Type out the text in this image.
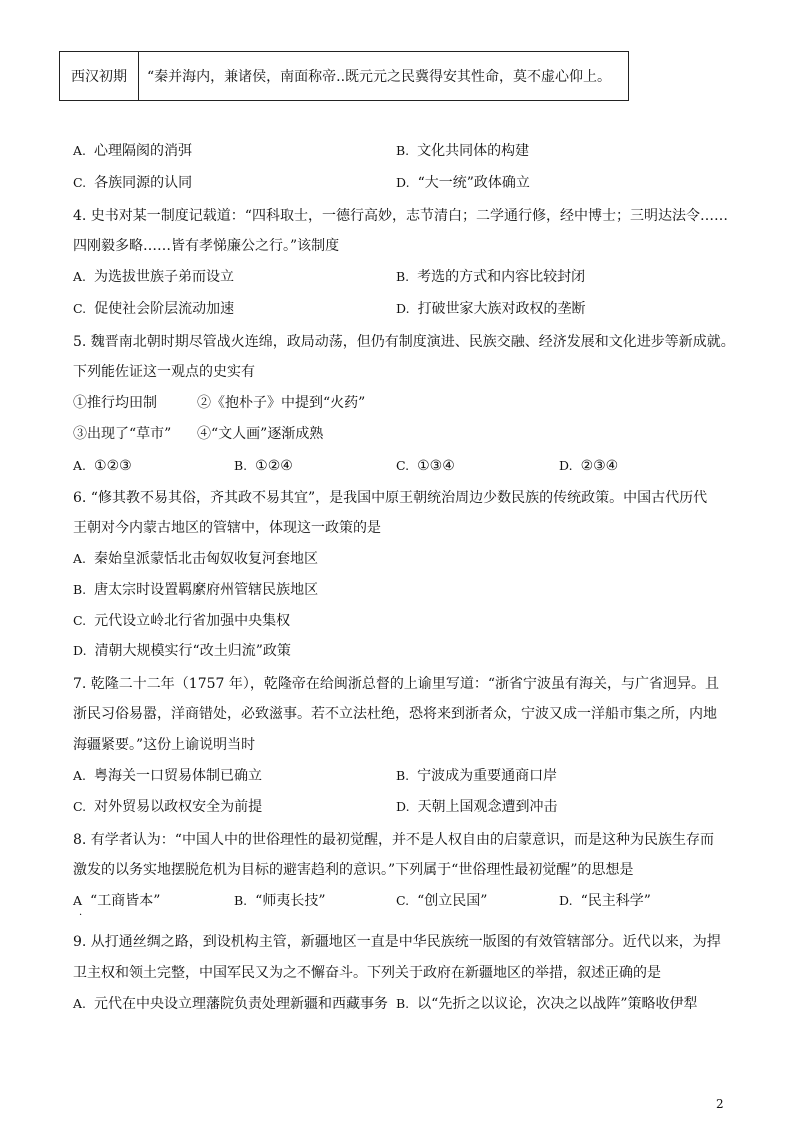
西汉初期	“秦并海内，兼诸侯，南面称帝..既元元之民冀得安其性命，莫不虚心仰上。
A. 心理隔阂的消弭	B. 文化共同体的构建
C. 各族同源的认同	D. “大一统”政体确立
4. 史书对某一制度记载道：“四科取士，一德行高妙，志节清白；二学通行修，经中博士；三明达法令……
四刚毅多略……皆有孝悌廉公之行。”该制度
A. 为选拔世族子弟而设立	B. 考选的方式和内容比较封闭
C. 促使社会阶层流动加速	D. 打破世家大族对政权的垄断
5. 魏晋南北朝时期尽管战火连绵，政局动荡，但仍有制度演进、民族交融、经济发展和文化进步等新成就。
下列能佐证这一观点的史实有
①推行均田制	②《抱朴子》中提到“火药”
③出现了“草市” ④“文人画”逐渐成熟
A. ①②③	B. ①②④	C. ①③④	D. ②③④
6. “修其教不易其俗，齐其政不易其宜”，是我国中原王朝统治周边少数民族的传统政策。中国古代历代
王朝对今内蒙古地区的管辖中，体现这一政策的是
A. 秦始皇派蒙恬北击匈奴收复河套地区
B. 唐太宗时设置羁縻府州管辖民族地区
C. 元代设立岭北行省加强中央集权
D. 清朝大规模实行“改土归流”政策
7. 乾隆二十二年（1757 年），乾隆帝在给闽浙总督的上谕里写道：“浙省宁波虽有海关，与广省迥异。且
浙民习俗易嚣，洋商错处，必致滋事。若不立法杜绝，恐将来到浙者众，宁波又成一洋船市集之所，内地
海疆紧要。”这份上谕说明当时
A. 粤海关一口贸易体制已确立	B. 宁波成为重要通商口岸
C. 对外贸易以政权安全为前提	D. 天朝上国观念遭到冲击
8. 有学者认为：“中国人中的世俗理性的最初觉醒，并不是人权自由的启蒙意识，而是这种为民族生存而
激发的以务实地摆脱危机为目标的避害趋利的意识。”下列属于“世俗理性最初觉醒”的思想是
A “工商皆本”	B. “师夷长技”	C. “创立民国”	D. “民主科学”
·
9. 从打通丝绸之路，到设机构主管，新疆地区一直是中华民族统一版图的有效管辖部分。近代以来，为捍
卫主权和领土完整，中国军民又为之不懈奋斗。下列关于政府在新疆地区的举措，叙述正确的是
A. 元代在中央设立理藩院负责处理新疆和西藏事务 B. 以“先折之以议论，次决之以战阵”策略收伊犁
2
